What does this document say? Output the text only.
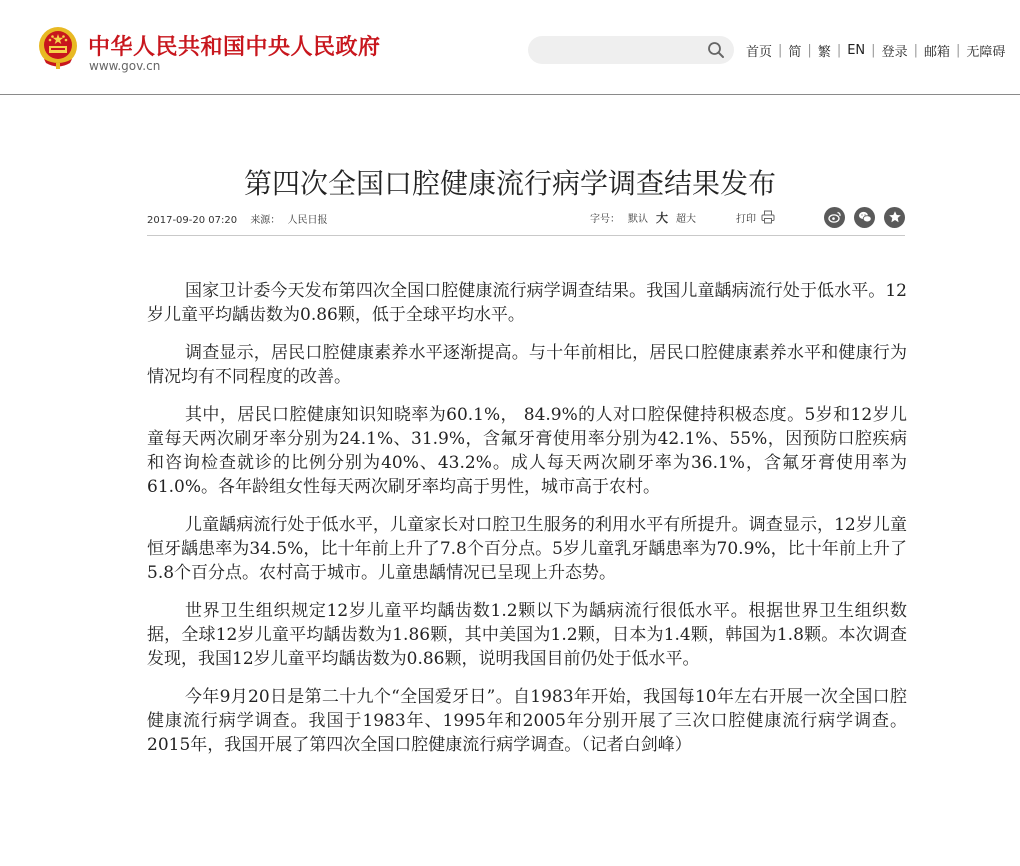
中华人民共和国中央人民政府
www.gov.cn
首页 | 简 | 繁 | EN | 登录 | 邮箱 | 无障碍
第四次全国口腔健康流行病学调查结果发布
2017-09-20 07:20 来源： 人民日报	字号： 默认 大 超大	打印

国家卫计委今天发布第四次全国口腔健康流行病学调查结果。我国儿童龋病流行处于低水平。12岁儿童平均龋齿数为0.86颗，低于全球平均水平。

调查显示，居民口腔健康素养水平逐渐提高。与十年前相比，居民口腔健康素养水平和健康行为情况均有不同程度的改善。

其中，居民口腔健康知识知晓率为60.1%， 84.9%的人对口腔保健持积极态度。5岁和12岁儿童每天两次刷牙率分别为24.1%、31.9%，含氟牙膏使用率分别为42.1%、55%，因预防口腔疾病和咨询检查就诊的比例分别为40%、43.2%。成人每天两次刷牙率为36.1%，含氟牙膏使用率为61.0%。各年龄组女性每天两次刷牙率均高于男性，城市高于农村。

儿童龋病流行处于低水平，儿童家长对口腔卫生服务的利用水平有所提升。调查显示，12岁儿童恒牙龋患率为34.5%，比十年前上升了7.8个百分点。5岁儿童乳牙龋患率为70.9%，比十年前上升了5.8个百分点。农村高于城市。儿童患龋情况已呈现上升态势。

世界卫生组织规定12岁儿童平均龋齿数1.2颗以下为龋病流行很低水平。根据世界卫生组织数据，全球12岁儿童平均龋齿数为1.86颗，其中美国为1.2颗，日本为1.4颗，韩国为1.8颗。本次调查发现，我国12岁儿童平均龋齿数为0.86颗，说明我国目前仍处于低水平。

今年9月20日是第二十九个“全国爱牙日”。自1983年开始，我国每10年左右开展一次全国口腔健康流行病学调查。我国于1983年、1995年和2005年分别开展了三次口腔健康流行病学调查。2015年，我国开展了第四次全国口腔健康流行病学调查。（记者白剑峰）
